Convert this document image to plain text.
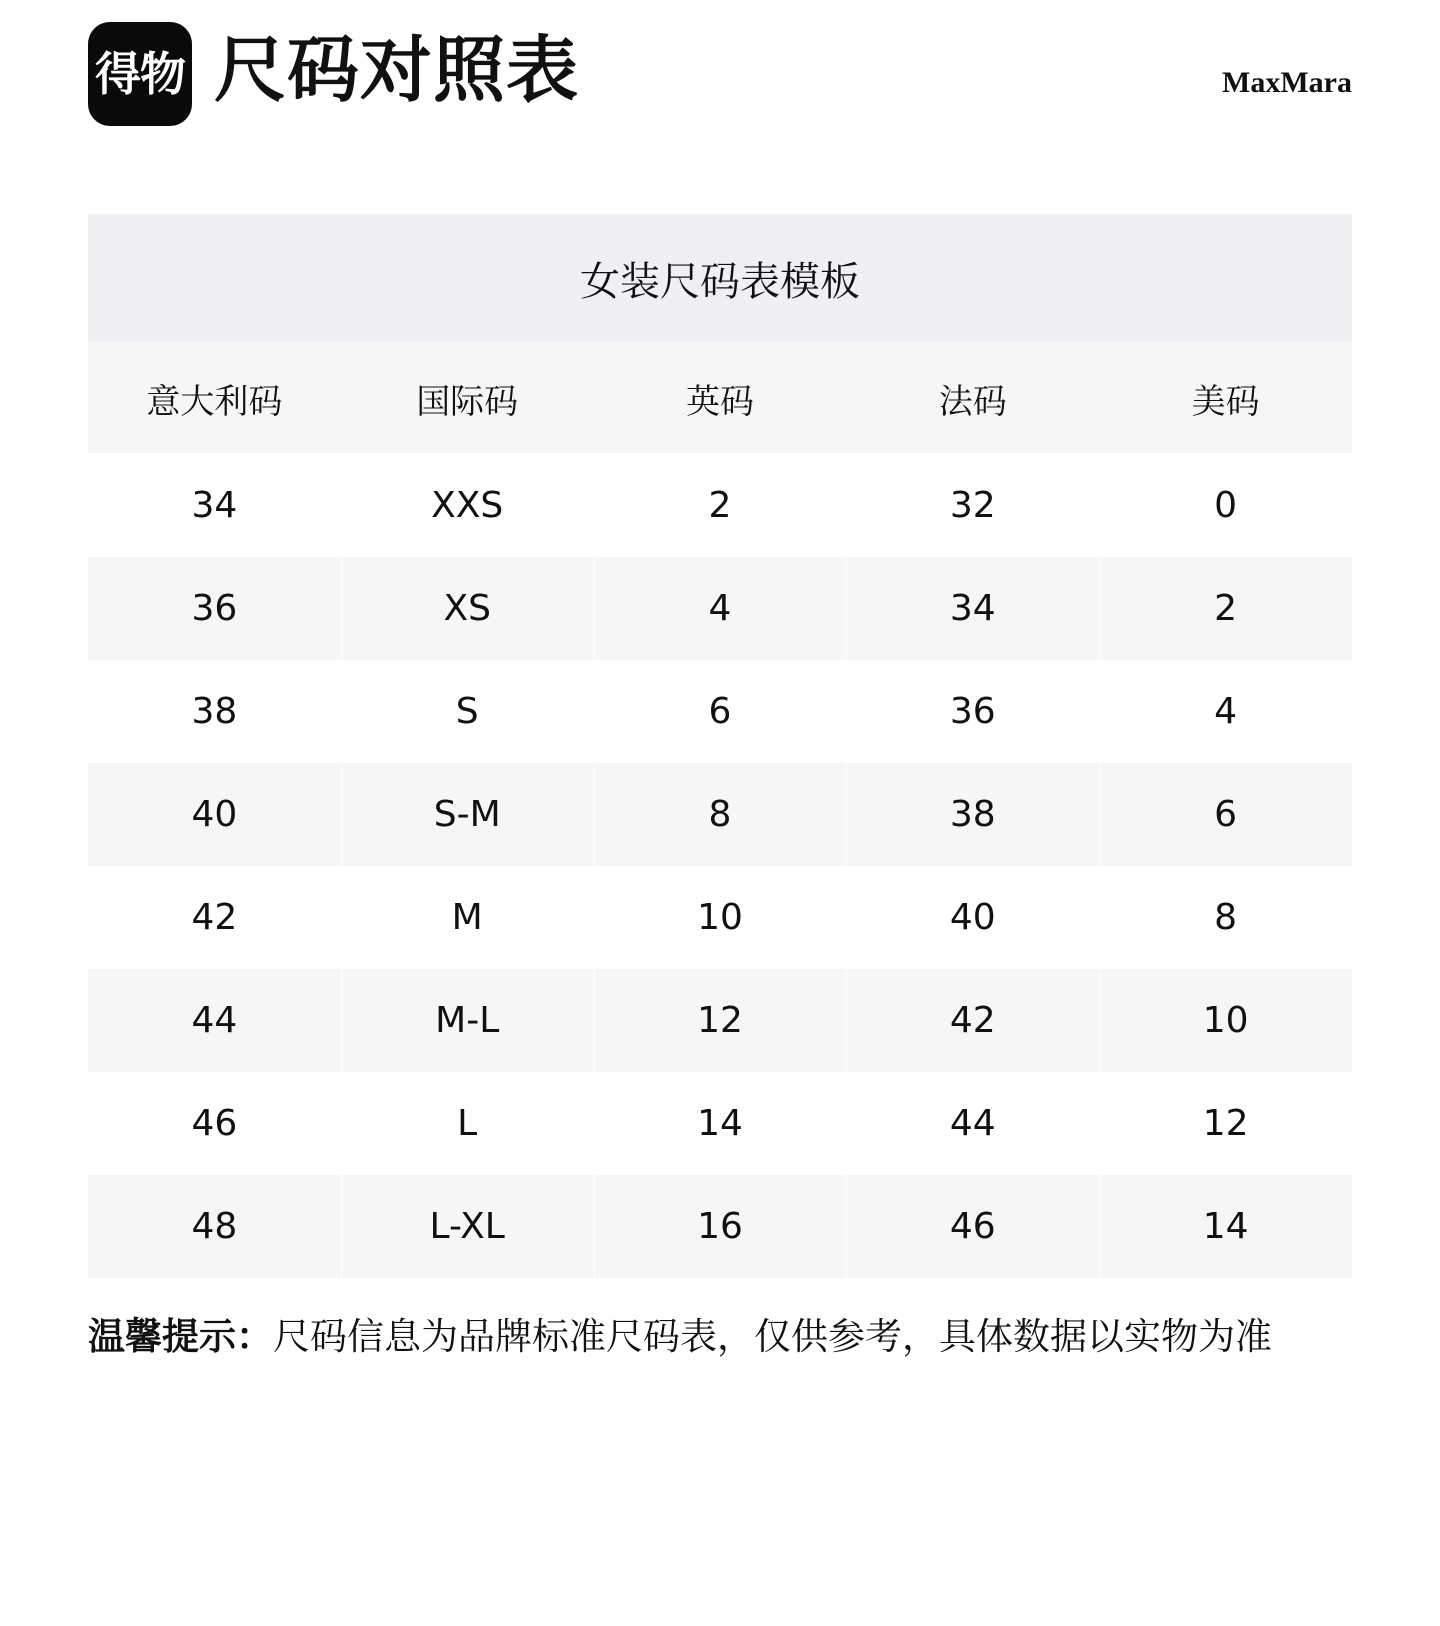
得物 尺码对照表	MaxMara
女装尺码表模板
意大利码	国际码	英码	法码	美码
34	XXS	2	32	0
36	XS	4	34	2
38	S	6	36	4
40	S-M	8	38	6
42	M	10	40	8
44	M-L	12	42	10
46	L	14	44	12
48	L-XL	16	46	14
温馨提示：尺码信息为品牌标准尺码表，仅供参考，具体数据以实物为准
